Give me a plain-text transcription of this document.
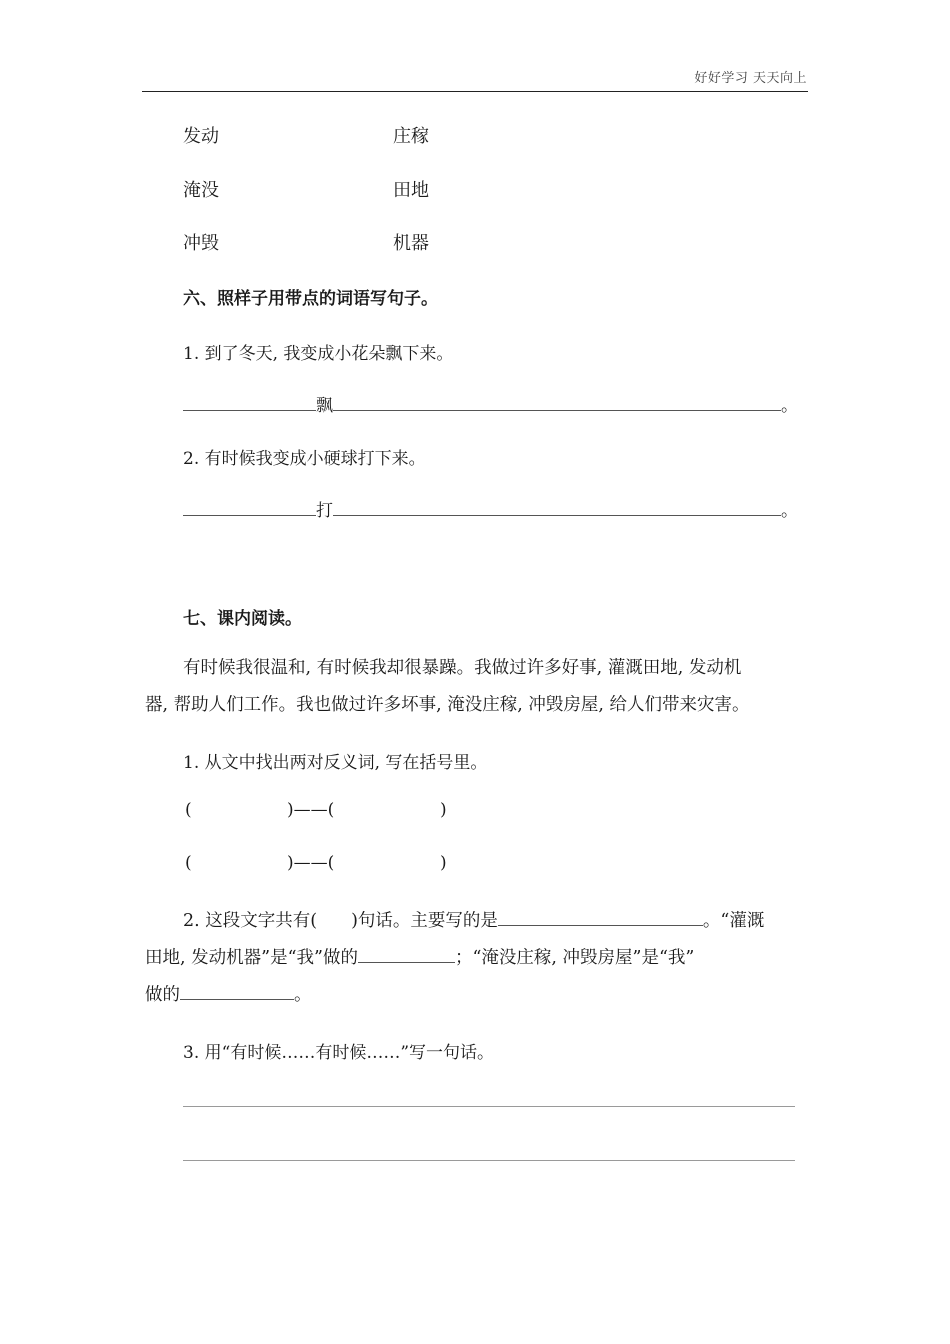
好好学习 天天向上
发动	庄稼
淹没	田地
冲毁	机器
六、照样子用带点的词语写句子。
1. 到了冬天, 我变成小花朵飘下来。
飘	。
2. 有时候我变成小硬球打下来。
打	。
七、课内阅读。
有时候我很温和, 有时候我却很暴躁。我做过许多好事, 灌溉田地, 发动机
器, 帮助人们工作。我也做过许多坏事, 淹没庄稼, 冲毁房屋, 给人们带来灾害。
1. 从文中找出两对反义词, 写在括号里。
(	)——(	)
(	)——(	)
2. 这段文字共有( )句话。主要写的是	。“灌溉
田地, 发动机器”是“我”做的	；“淹没庄稼, 冲毁房屋”是“我”
做的	。
3. 用“有时候……有时候……”写一句话。
